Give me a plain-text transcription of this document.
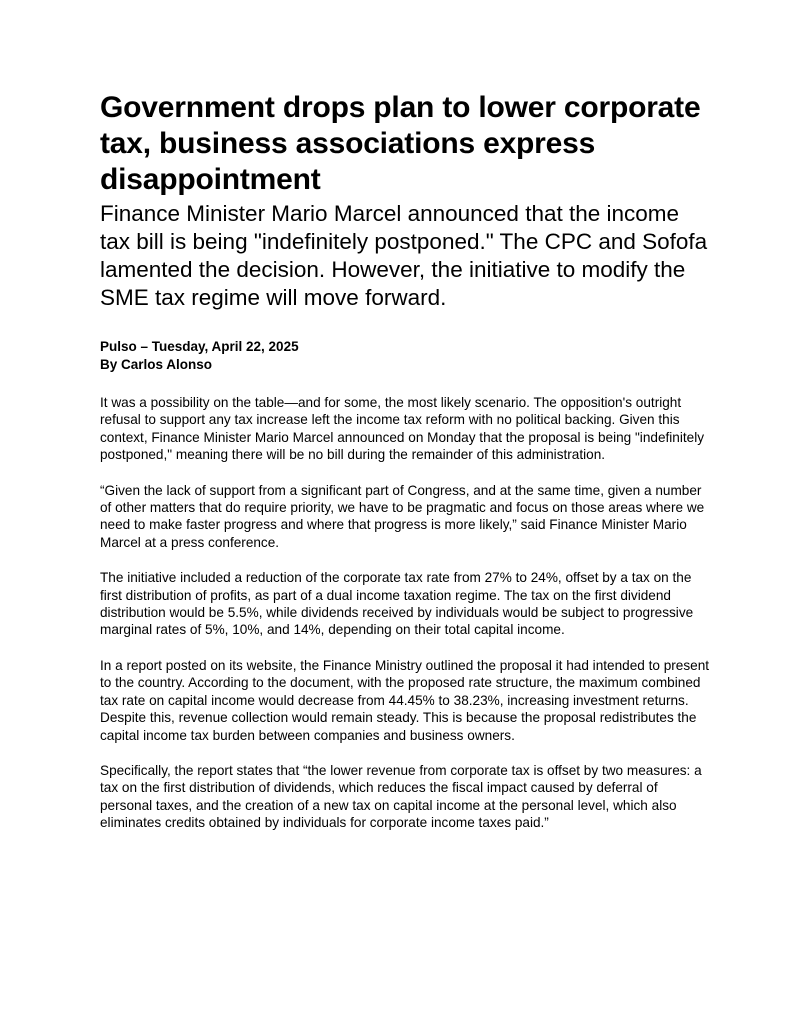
Government drops plan to lower corporate tax, business associations express disappointment
Finance Minister Mario Marcel announced that the income tax bill is being "indefinitely postponed." The CPC and Sofofa lamented the decision. However, the initiative to modify the SME tax regime will move forward.
Pulso – Tuesday, April 22, 2025
By Carlos Alonso

It was a possibility on the table—and for some, the most likely scenario. The opposition's outright refusal to support any tax increase left the income tax reform with no political backing. Given this context, Finance Minister Mario Marcel announced on Monday that the proposal is being "indefinitely postponed," meaning there will be no bill during the remainder of this administration.

“Given the lack of support from a significant part of Congress, and at the same time, given a number of other matters that do require priority, we have to be pragmatic and focus on those areas where we need to make faster progress and where that progress is more likely,” said Finance Minister Mario Marcel at a press conference.

The initiative included a reduction of the corporate tax rate from 27% to 24%, offset by a tax on the first distribution of profits, as part of a dual income taxation regime. The tax on the first dividend distribution would be 5.5%, while dividends received by individuals would be subject to progressive marginal rates of 5%, 10%, and 14%, depending on their total capital income.

In a report posted on its website, the Finance Ministry outlined the proposal it had intended to present to the country. According to the document, with the proposed rate structure, the maximum combined tax rate on capital income would decrease from 44.45% to 38.23%, increasing investment returns. Despite this, revenue collection would remain steady. This is because the proposal redistributes the capital income tax burden between companies and business owners.

Specifically, the report states that “the lower revenue from corporate tax is offset by two measures: a tax on the first distribution of dividends, which reduces the fiscal impact caused by deferral of personal taxes, and the creation of a new tax on capital income at the personal level, which also eliminates credits obtained by individuals for corporate income taxes paid.”
